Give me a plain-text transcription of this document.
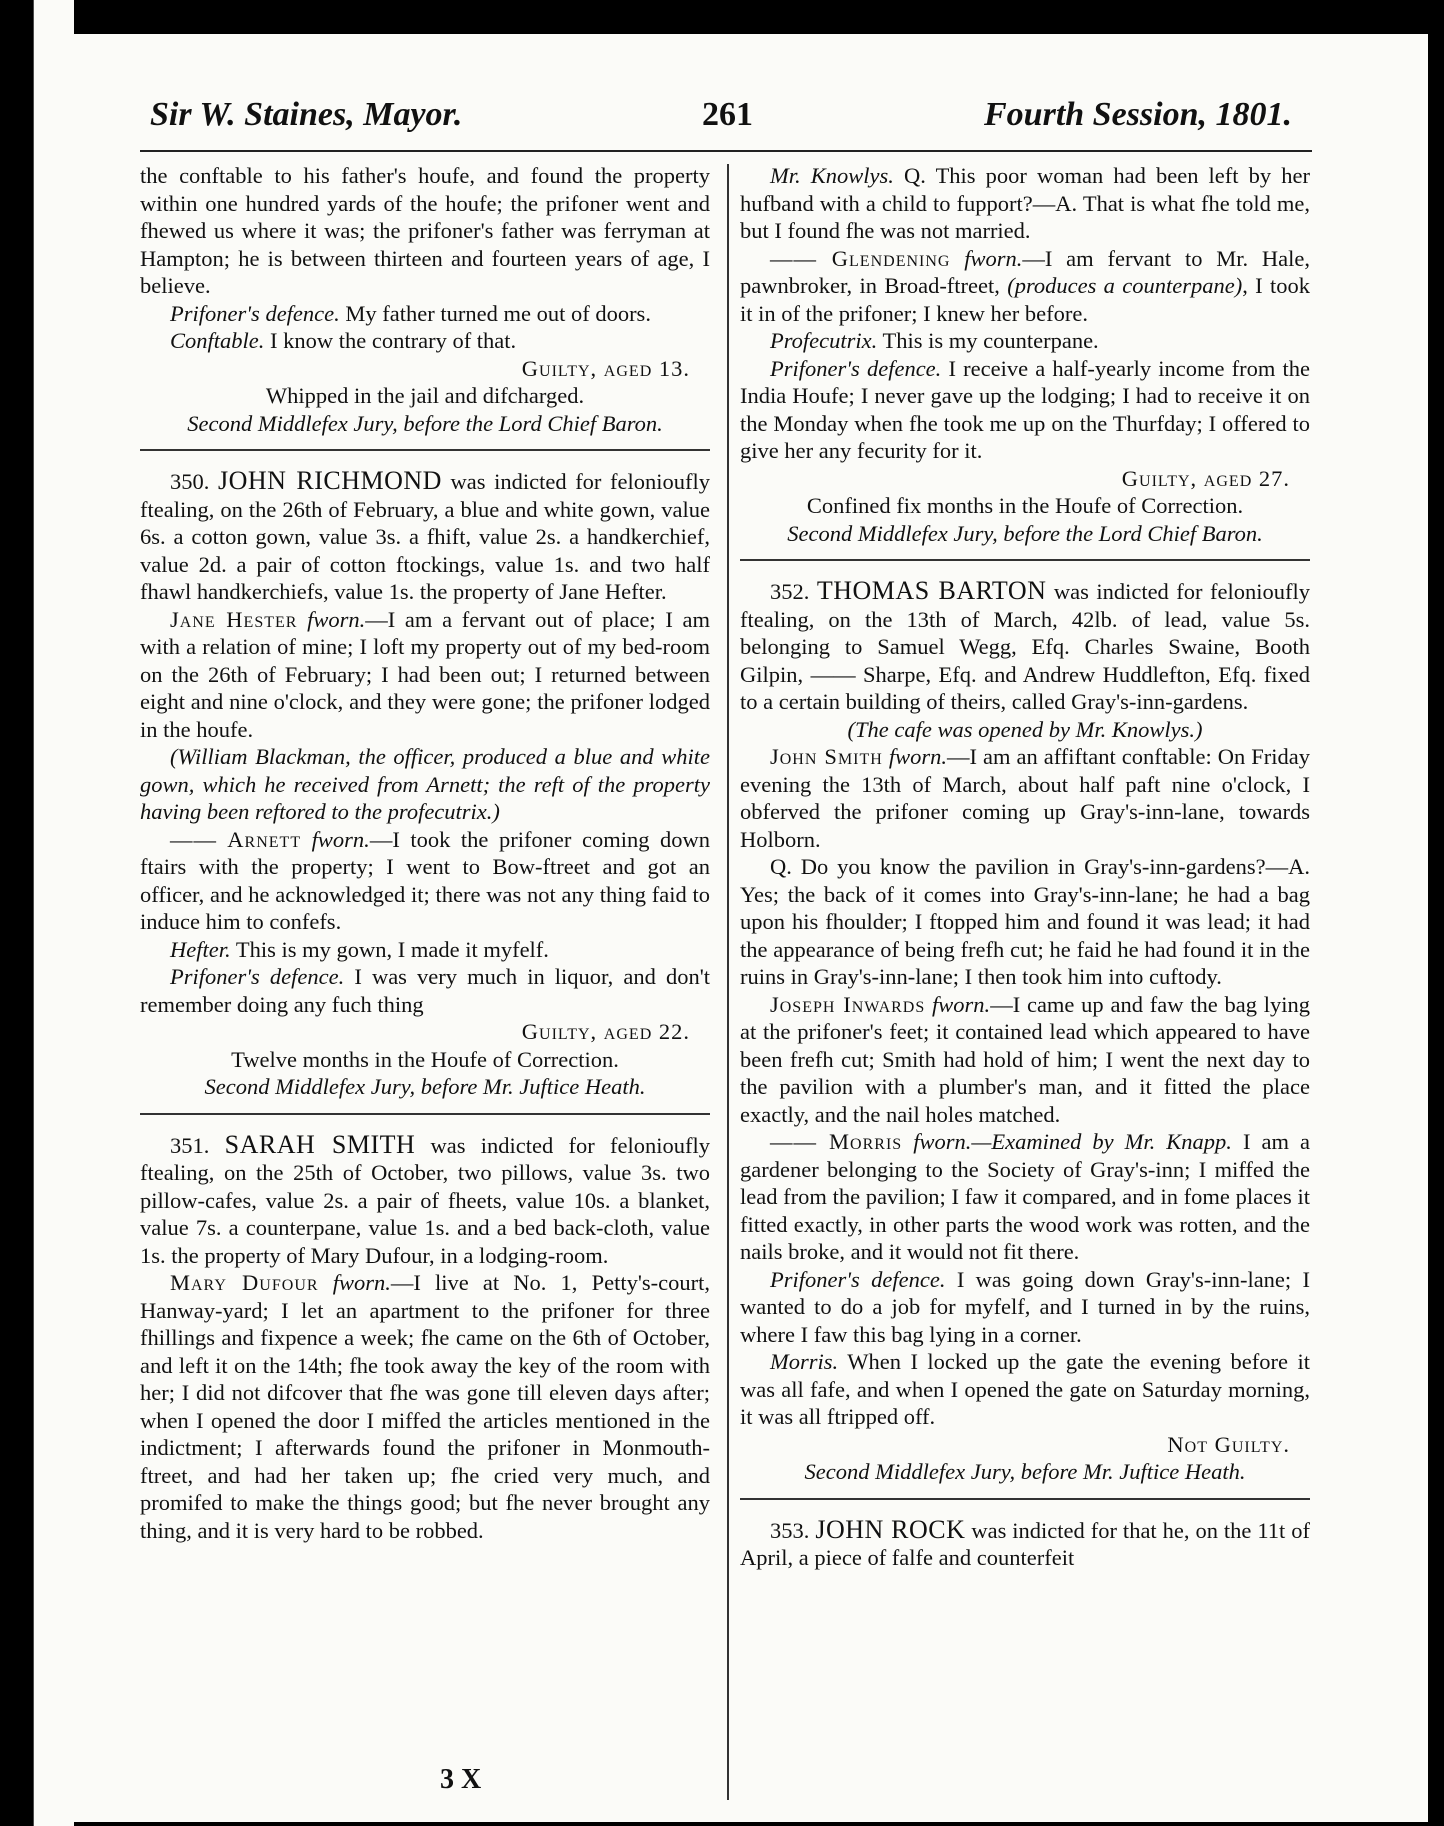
Sir W. Staines, Mayor.	261	Fourth Session, 1801.

the conftable to his father's houfe, and found the property within one hundred yards of the houfe; the prifoner went and fhewed us where it was; the prifoner's father was ferryman at Hampton; he is between thirteen and fourteen years of age, I believe.

Prifoner's defence. My father turned me out of doors.

Conftable. I know the contrary of that.

Guilty, aged 13.

Whipped in the jail and difcharged.

Second Middlefex Jury, before the Lord Chief Baron.

350. JOHN RICHMOND was indicted for felonioufly ftealing, on the 26th of February, a blue and white gown, value 6s. a cotton gown, value 3s. a fhift, value 2s. a handkerchief, value 2d. a pair of cotton ftockings, value 1s. and two half fhawl handkerchiefs, value 1s. the property of Jane Hefter.

Jane Hester fworn.—I am a fervant out of place; I am with a relation of mine; I loft my property out of my bed-room on the 26th of February; I had been out; I returned between eight and nine o'clock, and they were gone; the prifoner lodged in the houfe.

(William Blackman, the officer, produced a blue and white gown, which he received from Arnett; the reft of the property having been reftored to the profecutrix.)

—— Arnett fworn.—I took the prifoner coming down ftairs with the property; I went to Bow-ftreet and got an officer, and he acknowledged it; there was not any thing faid to induce him to confefs.

Hefter. This is my gown, I made it myfelf.

Prifoner's defence. I was very much in liquor, and don't remember doing any fuch thing

Guilty, aged 22.

Twelve months in the Houfe of Correction.

Second Middlefex Jury, before Mr. Juftice Heath.

351. SARAH SMITH was indicted for felonioufly ftealing, on the 25th of October, two pillows, value 3s. two pillow-cafes, value 2s. a pair of fheets, value 10s. a blanket, value 7s. a counterpane, value 1s. and a bed back-cloth, value 1s. the property of Mary Dufour, in a lodging-room.

Mary Dufour fworn.—I live at No. 1, Petty's-court, Hanway-yard; I let an apartment to the prifoner for three fhillings and fixpence a week; fhe came on the 6th of October, and left it on the 14th; fhe took away the key of the room with her; I did not difcover that fhe was gone till eleven days after; when I opened the door I miffed the articles mentioned in the indictment; I afterwards found the prifoner in Monmouth-ftreet, and had her taken up; fhe cried very much, and promifed to make the things good; but fhe never brought any thing, and it is very hard to be robbed.

Mr. Knowlys. Q. This poor woman had been left by her hufband with a child to fupport?—A. That is what fhe told me, but I found fhe was not married.

—— Glendening fworn.—I am fervant to Mr. Hale, pawnbroker, in Broad-ftreet, (produces a counterpane), I took it in of the prifoner; I knew her before.

Profecutrix. This is my counterpane.

Prifoner's defence. I receive a half-yearly income from the India Houfe; I never gave up the lodging; I had to receive it on the Monday when fhe took me up on the Thurfday; I offered to give her any fecurity for it.

Guilty, aged 27.

Confined fix months in the Houfe of Correction.

Second Middlefex Jury, before the Lord Chief Baron.

352. THOMAS BARTON was indicted for felonioufly ftealing, on the 13th of March, 42lb. of lead, value 5s. belonging to Samuel Wegg, Efq. Charles Swaine, Booth Gilpin, —— Sharpe, Efq. and Andrew Huddlefton, Efq. fixed to a certain building of theirs, called Gray's-inn-gardens.

(The cafe was opened by Mr. Knowlys.)

John Smith fworn.—I am an affiftant conftable: On Friday evening the 13th of March, about half paft nine o'clock, I obferved the prifoner coming up Gray's-inn-lane, towards Holborn.

Q. Do you know the pavilion in Gray's-inn-gardens?—A. Yes; the back of it comes into Gray's-inn-lane; he had a bag upon his fhoulder; I ftopped him and found it was lead; it had the appearance of being frefh cut; he faid he had found it in the ruins in Gray's-inn-lane; I then took him into cuftody.

Joseph Inwards fworn.—I came up and faw the bag lying at the prifoner's feet; it contained lead which appeared to have been frefh cut; Smith had hold of him; I went the next day to the pavilion with a plumber's man, and it fitted the place exactly, and the nail holes matched.

—— Morris fworn.—Examined by Mr. Knapp. I am a gardener belonging to the Society of Gray's-inn; I miffed the lead from the pavilion; I faw it compared, and in fome places it fitted exactly, in other parts the wood work was rotten, and the nails broke, and it would not fit there.

Prifoner's defence. I was going down Gray's-inn-lane; I wanted to do a job for myfelf, and I turned in by the ruins, where I faw this bag lying in a corner.

Morris. When I locked up the gate the evening before it was all fafe, and when I opened the gate on Saturday morning, it was all ftripped off.

Not Guilty.

Second Middlefex Jury, before Mr. Juftice Heath.

353. JOHN ROCK was indicted for that he, on the 11t of April, a piece of falfe and counterfeit

3 X
